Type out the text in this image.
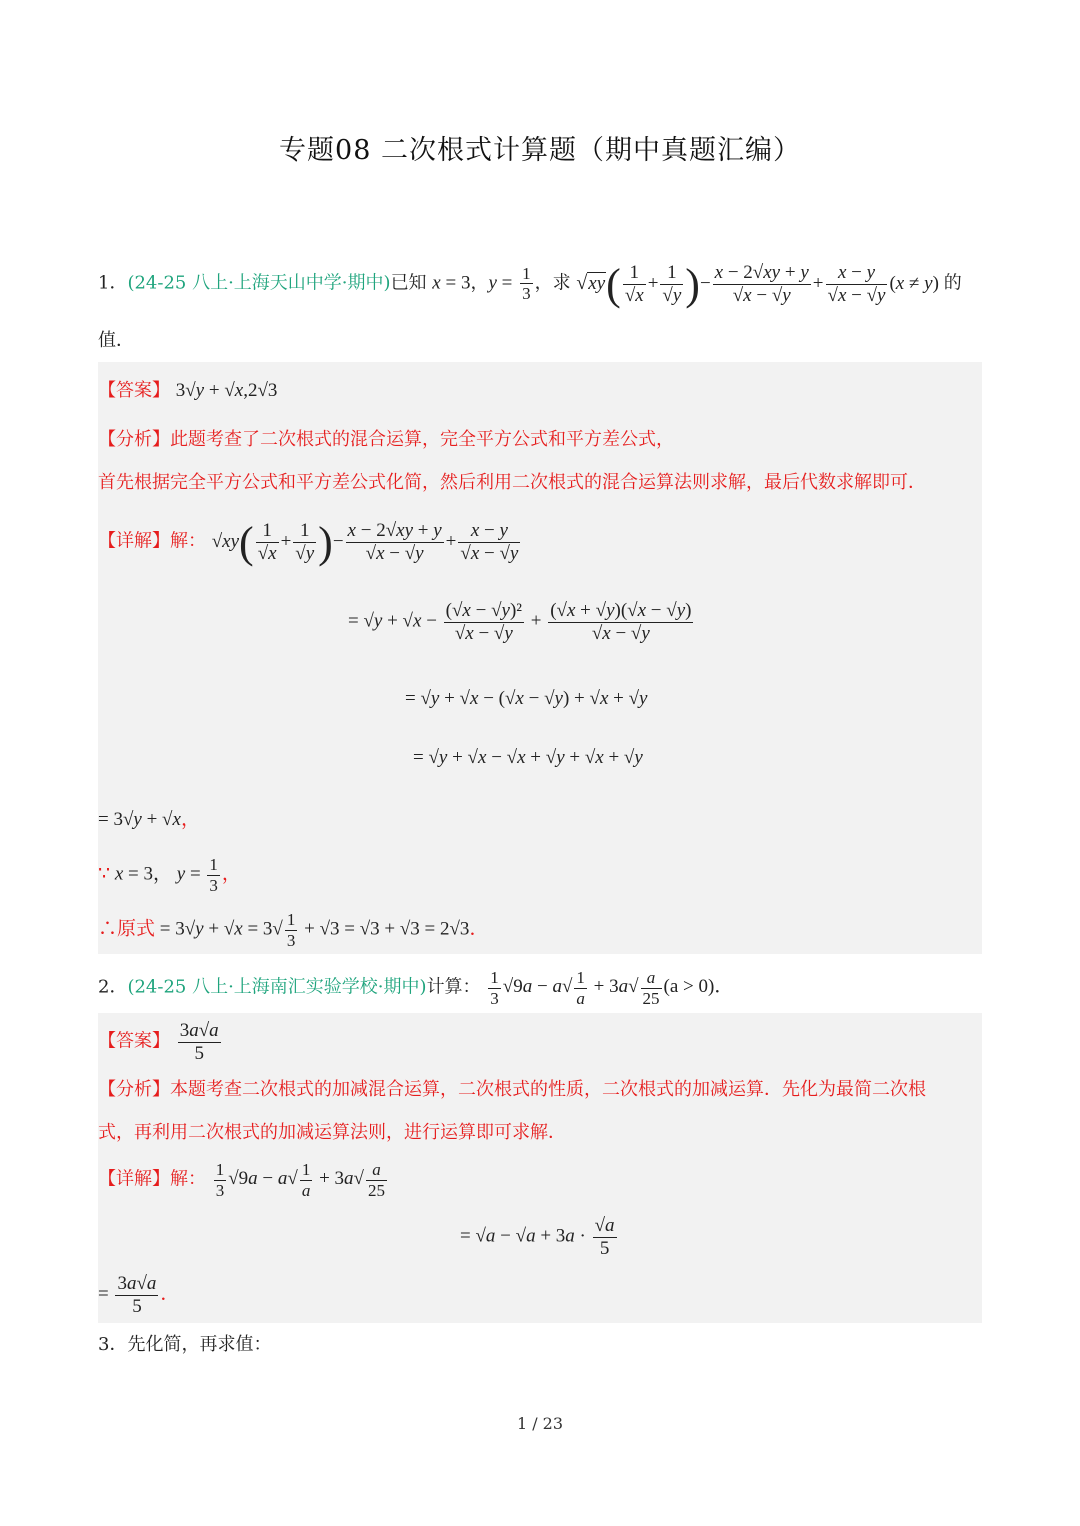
专题08 二次根式计算题（期中真题汇编）
1．(24-25 八上·上海天山中学·期中)已知 x = 3，$y = \frac{1}{3}$ ，求 $√xy( \frac{1}{√x} + \frac{1}{√y}$ )− $\frac{x - 2√xy + y}{√x - √y} + \frac{x - y}{√x - √y} (x \ne y)$ 的
值．
【答案】 3√y + √x,2√3
【分析】此题考查了二次根式的混合运算，完全平方公式和平方差公式，
首先根据完全平方公式和平方差公式化简，然后利用二次根式的混合运算法则求解，最后代数求解即可．
【详解】解： $√xy( \frac{1}{√x} + \frac{1}{√y}$ )− $\frac{x - 2√xy + y}{√x - √y} + \frac{x - y}{√x - √y}$
= $√y + √x - \frac{\text{(√x − √y)²}}{√x - √y} + \frac{(√x + √y)(√x - √y)}{√x - √y}$
= √y + √x − (√x − √y) + √x + √y
= √y + √x − √x + √y + √x + √y
= 3√y + √x，
∵ x = 3， $y = \frac{1}{3}$ ，
∴原式 = $3√y + √x = 3√ \frac{1}{3} + √3 = √3 + √3 = 2√3$．
2．(24-25 八上·上海南汇实验学校·期中)计算： $\frac{1}{3} √9a - a√ \frac{1}{a} + 3a√ \frac{a}{25} (a > 0)$．
【答案】 $\frac{3a√a}{5}$
【分析】本题考查二次根式的加减混合运算，二次根式的性质，二次根式的加减运算．先化为最简二次根
式，再利用二次根式的加减运算法则，进行运算即可求解．
【详解】解： $\frac{1}{3} √9a - a√ \frac{1}{a} + 3a√ \frac{a}{25}$
= $√a - √a + 3a \cdot \frac{√a}{5}$
= $\frac{3a√a}{5}$ ．
3．先化简，再求值：
1 / 23
